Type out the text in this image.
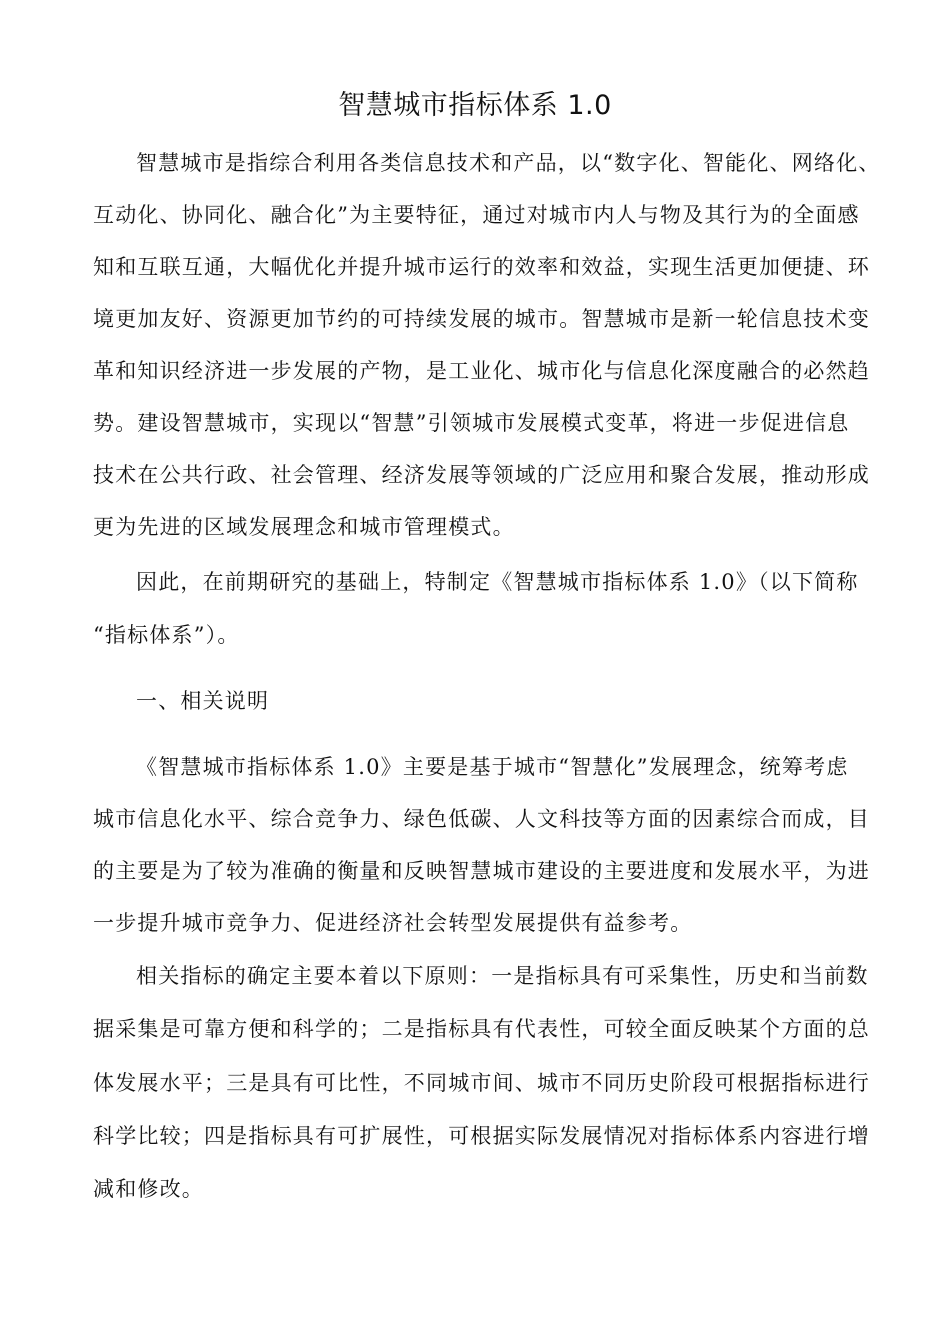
智慧城市指标体系 1.0
智慧城市是指综合利用各类信息技术和产品，以“数字化、智能化、网络化、
互动化、协同化、融合化”为主要特征，通过对城市内人与物及其行为的全面感
知和互联互通，大幅优化并提升城市运行的效率和效益，实现生活更加便捷、环
境更加友好、资源更加节约的可持续发展的城市。智慧城市是新一轮信息技术变
革和知识经济进一步发展的产物，是工业化、城市化与信息化深度融合的必然趋
势。建设智慧城市，实现以“智慧”引领城市发展模式变革，将进一步促进信息
技术在公共行政、社会管理、经济发展等领域的广泛应用和聚合发展，推动形成
更为先进的区域发展理念和城市管理模式。
因此，在前期研究的基础上，特制定《智慧城市指标体系 1.0》（以下简称
“指标体系”）。
一、相关说明
《智慧城市指标体系 1.0》主要是基于城市“智慧化”发展理念，统筹考虑
城市信息化水平、综合竞争力、绿色低碳、人文科技等方面的因素综合而成，目
的主要是为了较为准确的衡量和反映智慧城市建设的主要进度和发展水平，为进
一步提升城市竞争力、促进经济社会转型发展提供有益参考。
相关指标的确定主要本着以下原则：一是指标具有可采集性，历史和当前数
据采集是可靠方便和科学的；二是指标具有代表性，可较全面反映某个方面的总
体发展水平；三是具有可比性，不同城市间、城市不同历史阶段可根据指标进行
科学比较；四是指标具有可扩展性，可根据实际发展情况对指标体系内容进行增
减和修改。
